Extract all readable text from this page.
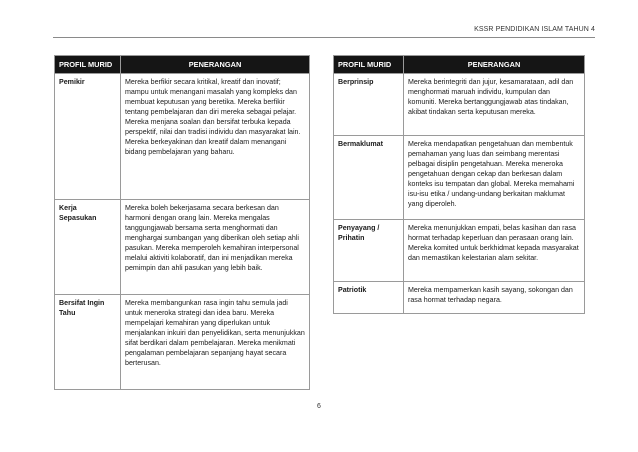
KSSR PENDIDIKAN ISLAM TAHUN 4
PROFIL MURID	PENERANGAN
Pemikir	Mereka berfikir secara kritikal, kreatif dan inovatif; mampu untuk menangani masalah yang kompleks dan membuat keputusan yang beretika. Mereka berfikir tentang pembelajaran dan diri mereka sebagai pelajar. Mereka menjana soalan dan bersifat terbuka kepada perspektif, nilai dan tradisi individu dan masyarakat lain. Mereka berkeyakinan dan kreatif dalam menangani bidang pembelajaran yang baharu.
Kerja Sepasukan	Mereka boleh bekerjasama secara berkesan dan harmoni dengan orang lain. Mereka mengalas tanggungjawab bersama serta menghormati dan menghargai sumbangan yang diberikan oleh setiap ahli pasukan. Mereka memperoleh kemahiran interpersonal melalui aktiviti kolaboratif, dan ini menjadikan mereka pemimpin dan ahli pasukan yang lebih baik.
Bersifat Ingin Tahu	Mereka membangunkan rasa ingin tahu semula jadi untuk meneroka strategi dan idea baru. Mereka mempelajari kemahiran yang diperlukan untuk menjalankan inkuiri dan penyelidikan, serta menunjukkan sifat berdikari dalam pembelajaran. Mereka menikmati pengalaman pembelajaran sepanjang hayat secara berterusan.
PROFIL MURID	PENERANGAN
Berprinsip	Mereka berintegriti dan jujur, kesamarataan, adil dan menghormati maruah individu, kumpulan dan komuniti. Mereka bertanggungjawab atas tindakan, akibat tindakan serta keputusan mereka.
Bermaklumat	Mereka mendapatkan pengetahuan dan membentuk pemahaman yang luas dan seimbang merentasi pelbagai disiplin pengetahuan. Mereka meneroka pengetahuan dengan cekap dan berkesan dalam konteks isu tempatan dan global. Mereka memahami isu-isu etika / undang-undang berkaitan maklumat yang diperoleh.
Penyayang / Prihatin	Mereka menunjukkan empati, belas kasihan dan rasa hormat terhadap keperluan dan perasaan orang lain. Mereka komited untuk berkhidmat kepada masyarakat dan memastikan kelestarian alam sekitar.
Patriotik	Mereka mempamerkan kasih sayang, sokongan dan rasa hormat terhadap negara.
6
